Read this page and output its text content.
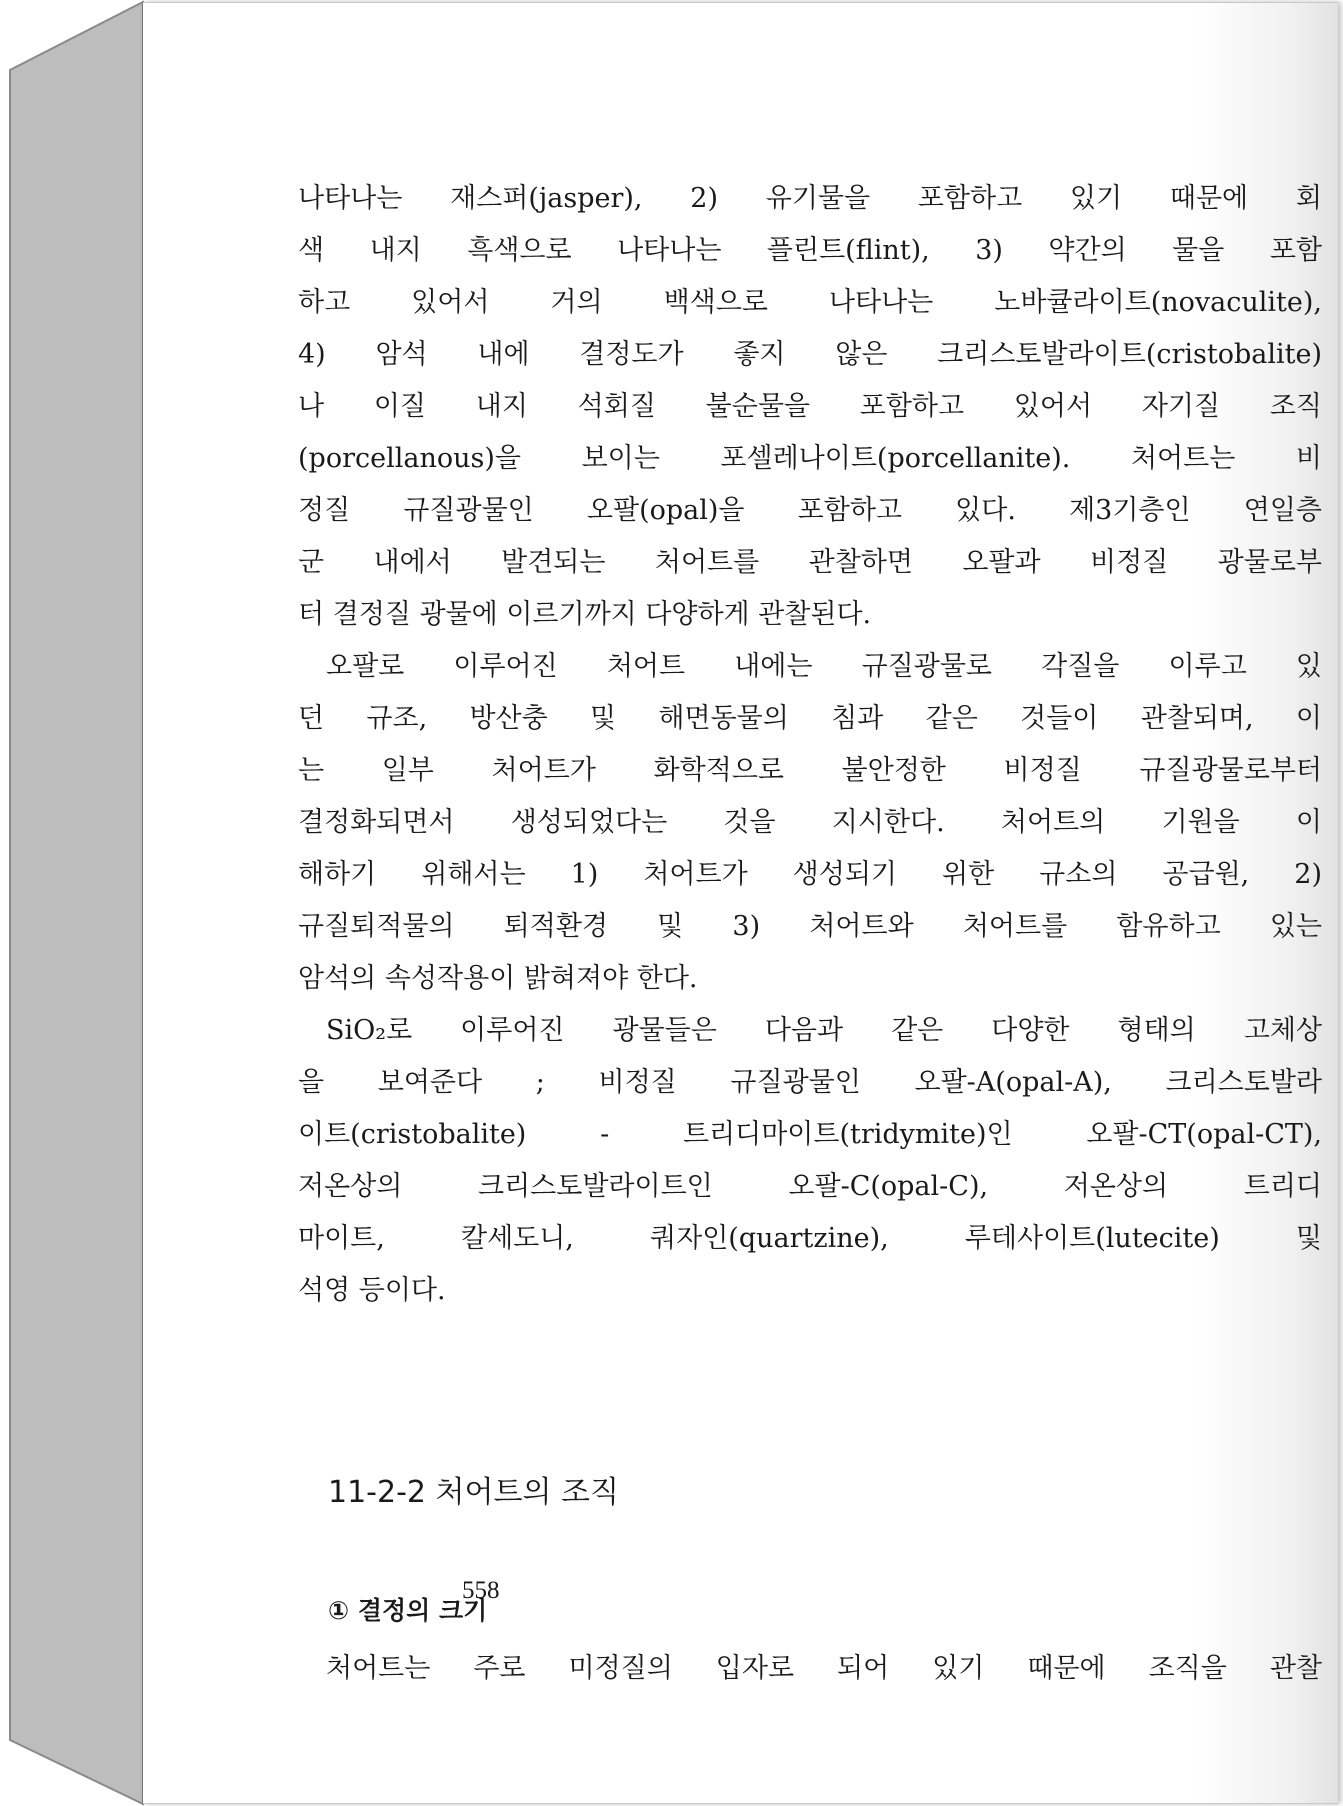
나타나는 재스퍼(jasper), 2) 유기물을 포함하고 있기 때문에 회
색 내지 흑색으로 나타나는 플린트(flint), 3) 약간의 물을 포함
하고 있어서 거의 백색으로 나타나는 노바큘라이트(novaculite),
4) 암석 내에 결정도가 좋지 않은 크리스토발라이트(cristobalite)
나 이질 내지 석회질 불순물을 포함하고 있어서 자기질 조직
(porcellanous)을 보이는 포셀레나이트(porcellanite). 처어트는 비
정질 규질광물인 오팔(opal)을 포함하고 있다. 제3기층인 연일층
군 내에서 발견되는 처어트를 관찰하면 오팔과 비정질 광물로부
터 결정질 광물에 이르기까지 다양하게 관찰된다.
오팔로 이루어진 처어트 내에는 규질광물로 각질을 이루고 있
던 규조, 방산충 및 해면동물의 침과 같은 것들이 관찰되며, 이
는 일부 처어트가 화학적으로 불안정한 비정질 규질광물로부터
결정화되면서 생성되었다는 것을 지시한다. 처어트의 기원을 이
해하기 위해서는 1) 처어트가 생성되기 위한 규소의 공급원, 2)
규질퇴적물의 퇴적환경 및 3) 처어트와 처어트를 함유하고 있는
암석의 속성작용이 밝혀져야 한다.
SiO₂로 이루어진 광물들은 다음과 같은 다양한 형태의 고체상
을 보여준다 ; 비정질 규질광물인 오팔-A(opal-A), 크리스토발라
이트(cristobalite) - 트리디마이트(tridymite)인 오팔-CT(opal-CT),
저온상의 크리스토발라이트인 오팔-C(opal-C), 저온상의 트리디
마이트, 칼세도니, 쿼자인(quartzine), 루테사이트(lutecite) 및
석영 등이다.
11-2-2 처어트의 조직
① 결정의 크기
처어트는 주로 미정질의 입자로 되어 있기 때문에 조직을 관찰
558
